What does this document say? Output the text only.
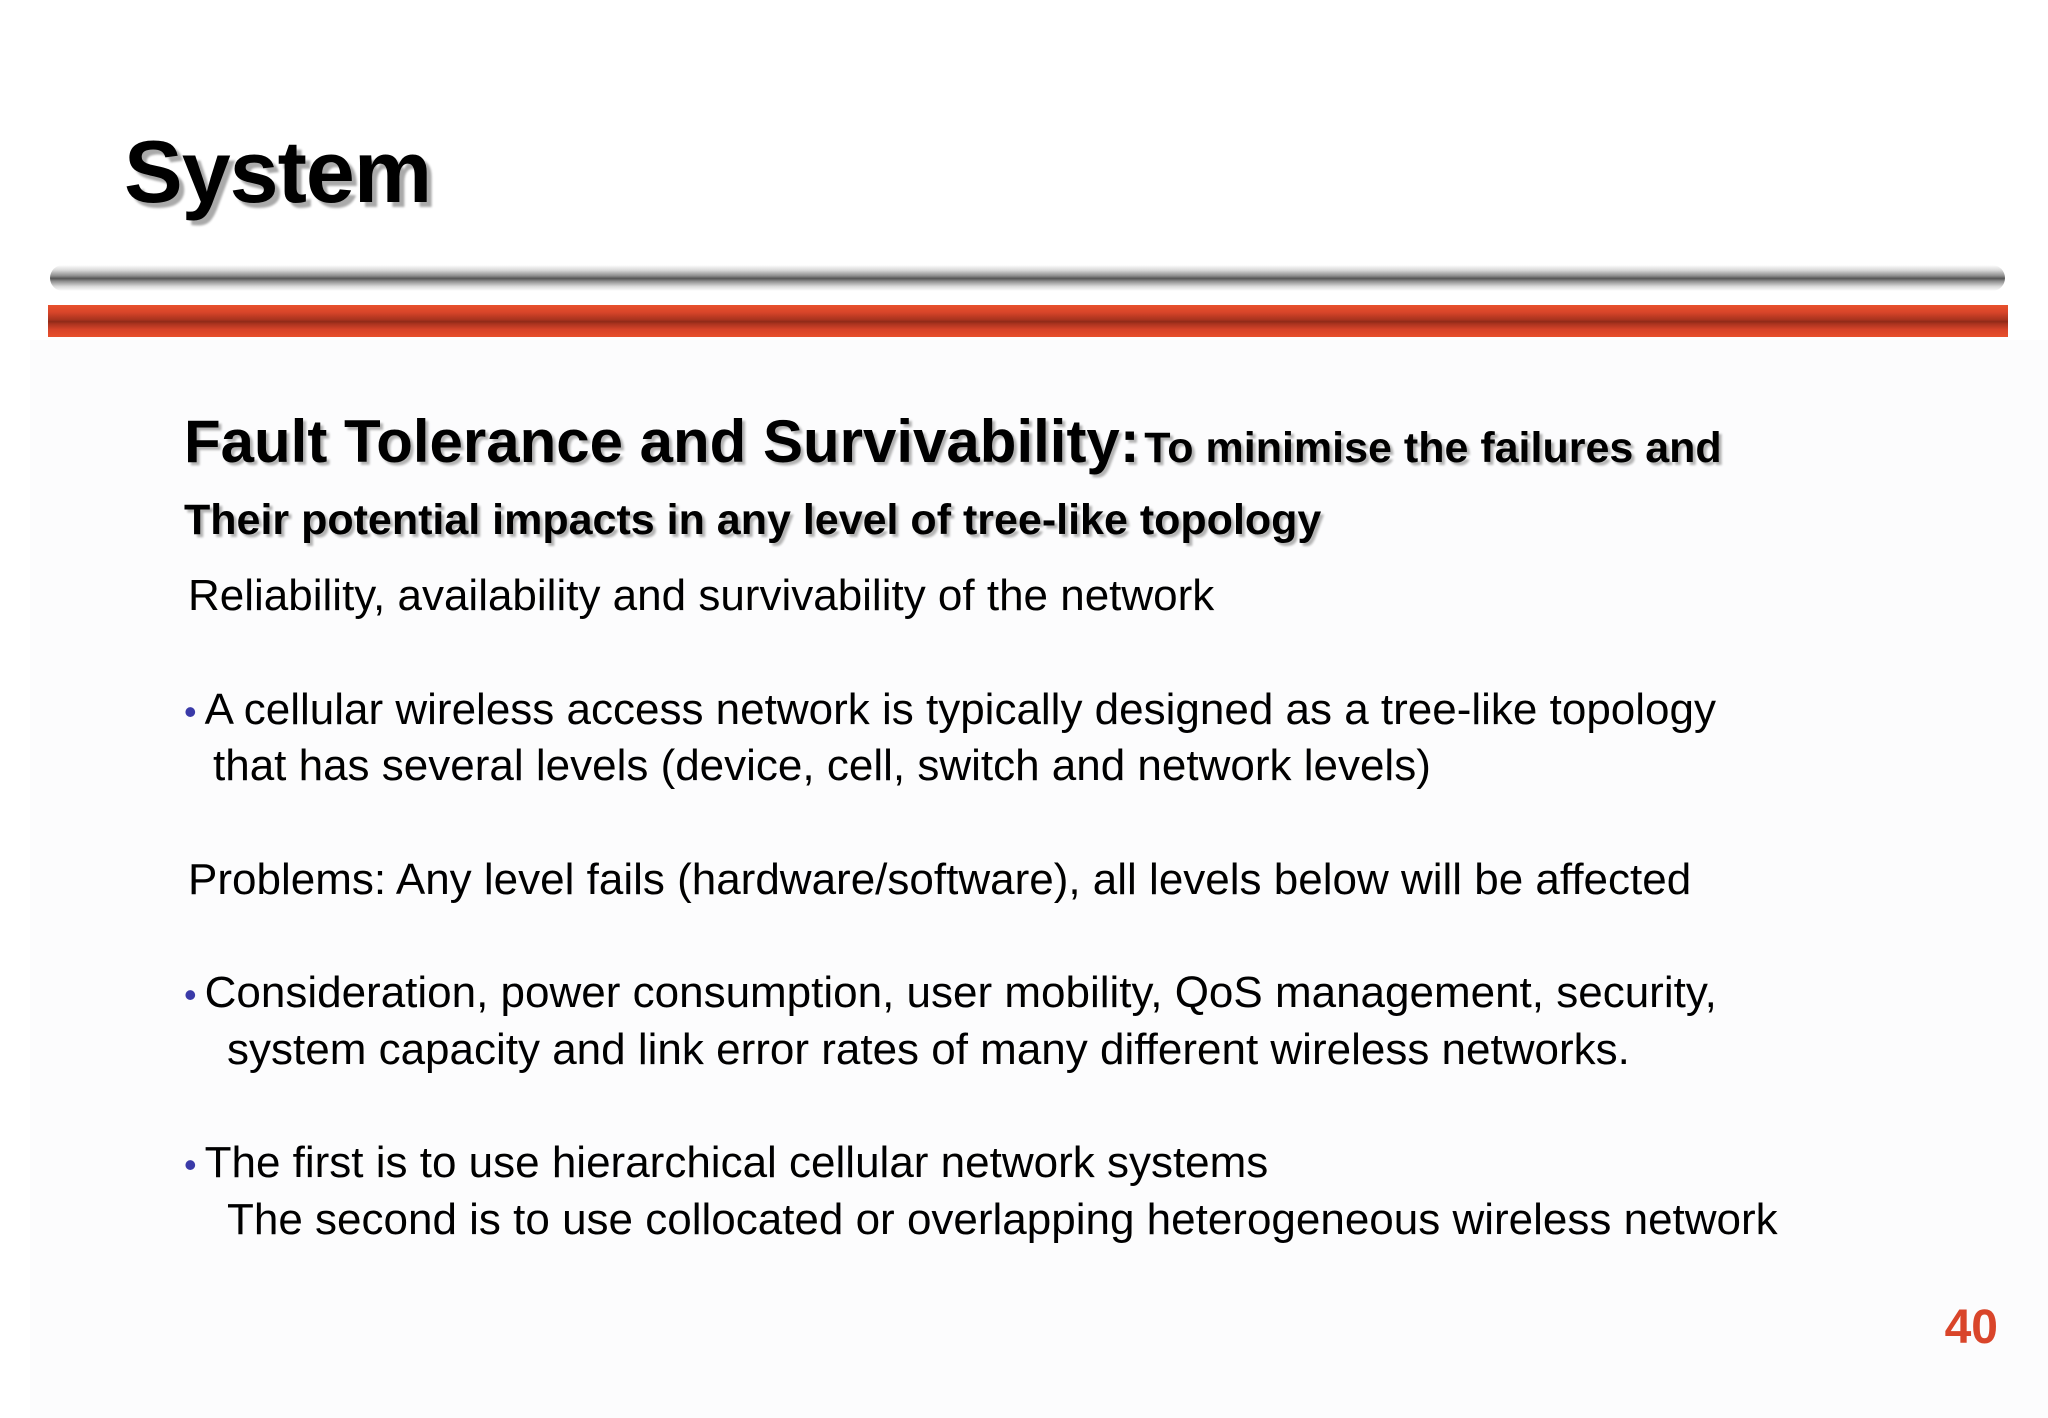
System
Fault Tolerance and Survivability: To minimise the failures and
Their potential impacts in any level of tree-like topology
Reliability, availability and survivability of the network
• A cellular wireless access network is typically designed as a tree-like topology
that has several levels (device, cell, switch and network levels)
Problems: Any level fails (hardware/software), all levels below will be affected
• Consideration, power consumption, user mobility, QoS management, security,
system capacity and link error rates of many different wireless networks.
• The first is to use hierarchical cellular network systems
The second is to use collocated or overlapping heterogeneous wireless network
40
